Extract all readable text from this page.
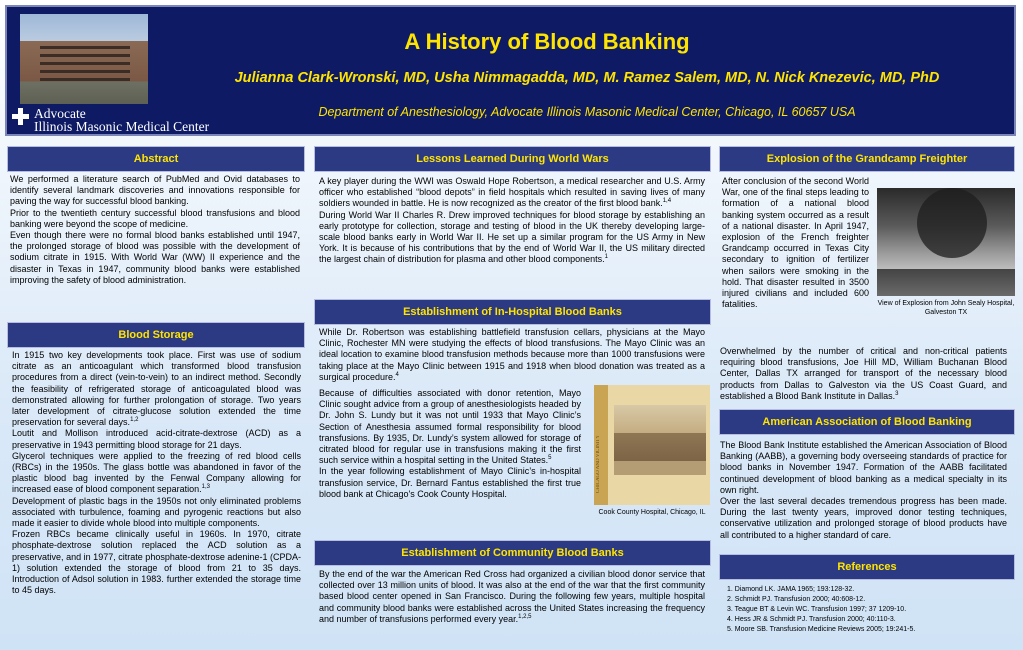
Advocate
Illinois Masonic Medical Center
A History of Blood Banking
Julianna Clark-Wronski, MD, Usha Nimmagadda, MD, M. Ramez Salem, MD, N. Nick Knezevic, MD, PhD
Department of Anesthesiology, Advocate Illinois Masonic Medical Center, Chicago, IL 60657 USA
Abstract

We performed a literature search of PubMed and Ovid databases to identify several landmark discoveries and innovations responsible for paving the way for successful blood banking.

Prior to the twentieth century successful blood transfusions and blood banking were beyond the scope of medicine.

Even though there were no formal blood banks established until 1947, the prolonged storage of blood was possible with the development of sodium citrate in 1915. With World War (WW) II experience and the disaster in Texas in 1947, community blood banks were established improving the safety of blood administration.

Blood Storage

In 1915 two key developments took place. First was use of sodium citrate as an anticoagulant which transformed blood transfusion procedures from a direct (vein-to-vein) to an indirect method. Secondly the feasibility of refrigerated storage of anticoagulated blood was demonstrated allowing for further prolongation of storage. Two years later development of citrate-glucose solution extended the time preservation for several days.$^{1,2}$

Loutit and Mollison introduced acid-citrate-dextrose (ACD) as a preservative in 1943 permitting blood storage for 21 days.

Glycerol techniques were applied to the freezing of red blood cells (RBCs) in the 1950s. The glass bottle was abandoned in favor of the plastic blood bag invented by the Fenwal Company allowing for increased ease of blood component separation.$^{1,3}$

Development of plastic bags in the 1950s not only eliminated problems associated with turbulence, foaming and pyrogenic reactions but also made it easier to divide whole blood into multiple components.

Frozen RBCs became clinically useful in 1960s. In 1970, citrate phosphate-dextrose solution replaced the ACD solution as a preservative, and in 1977, citrate phosphate-dextrose adenine-1 (CPDA-1) solution extended the storage of blood from 21 to 35 days. Introduction of Adsol solution in 1983. further extended the storage time to 45 days.

Lessons Learned During World Wars

A key player during the WWI was Oswald Hope Robertson, a medical researcher and U.S. Army officer who established “blood depots” in field hospitals which resulted in saving lives of many soldiers wounded in battle. He is now recognized as the creator of the first blood bank.$^{1,4}$

During World War II Charles R. Drew improved techniques for blood storage by establishing an early prototype for collection, storage and testing of blood in the UK thereby developing large-scale blood banks early in World War II. He set up a similar program for the US Army in New York. It is because of his contributions that by the end of World War II, the US military directed the largest chain of distribution for plasma and other blood components.$^1$

Establishment of In-Hospital Blood Banks

While Dr. Robertson was establishing battlefield transfusion cellars, physicians at the Mayo Clinic, Rochester MN were studying the effects of blood transfusions. The Mayo Clinic was an ideal location to examine blood transfusion methods because more than 1000 transfusions were taking place at the Mayo Clinic between 1915 and 1918 when blood donation was treated as a surgical procedure.$^4$

Because of difficulties associated with donor retention, Mayo Clinic sought advice from a group of anesthesiologists headed by Dr. John S. Lundy but it was not until 1933 that Mayo Clinic’s Section of Anesthesia assumed formal responsibility for blood transfusions. By 1935, Dr. Lundy’s system allowed for storage of citrated blood for regular use in transfusions making it the first such service within a hospital setting in the United States.$^5$

In the year following establishment of Mayo Clinic’s in-hospital transfusion service, Dr. Bernard Fantus established the first true blood bank at Chicago's Cook County Hospital.

CHICAGO AND VICINITY
Cook County Hospital, Chicago, IL
Establishment of Community Blood Banks

By the end of the war the American Red Cross had organized a civilian blood donor service that collected over 13 million units of blood. It was also at the end of the war that the first community based blood center opened in San Francisco. During the following few years, multiple hospital and community blood banks were established across the United States increasing the frequency and number of transfusions performed every year.$^{1,2,5}$

Explosion of the Grandcamp Freighter

After conclusion of the second World War, one of the final steps leading to formation of a national blood banking system occurred as a result of a national disaster. In April 1947, explosion of the French freighter Grandcamp occurred in Texas City secondary to ignition of fertilizer when sailors were smoking in the hold. That disaster resulted in 3500 injured civilians and included 600 fatalities.	View of Explosion from John Sealy Hospital, Galveston TX

Overwhelmed by the number of critical and non-critical patients requiring blood transfusions, Joe Hill MD, William Buchanan Blood Center, Dallas TX arranged for transport of the necessary blood products from Dallas to Galveston via the US Coast Guard, and established a Blood Bank Institute in Dallas.$^3$

American Association of Blood Banking

The Blood Bank Institute established the American Association of Blood Banking (AABB), a governing body overseeing standards of practice for blood banks in November 1947. Formation of the AABB facilitated continued development of blood banking as a medical specialty in its own right.

Over the last several decades tremendous progress has been made. During the last twenty years, improved donor testing techniques, conservative utilization and prolonged storage of blood products have all contributed to a higher standard of care.

References
1. Diamond LK. JAMA 1965; 193:128-32.
2. Schmidt PJ. Transfusion 2000; 40:608-12.
3. Teague BT & Levin WC. Transfusion 1997; 37 1209-10.
4. Hess JR & Schmidt PJ. Transfusion 2000; 40:110-3.
5. Moore SB. Transfusion Medicine Reviews 2005; 19:241-5.
